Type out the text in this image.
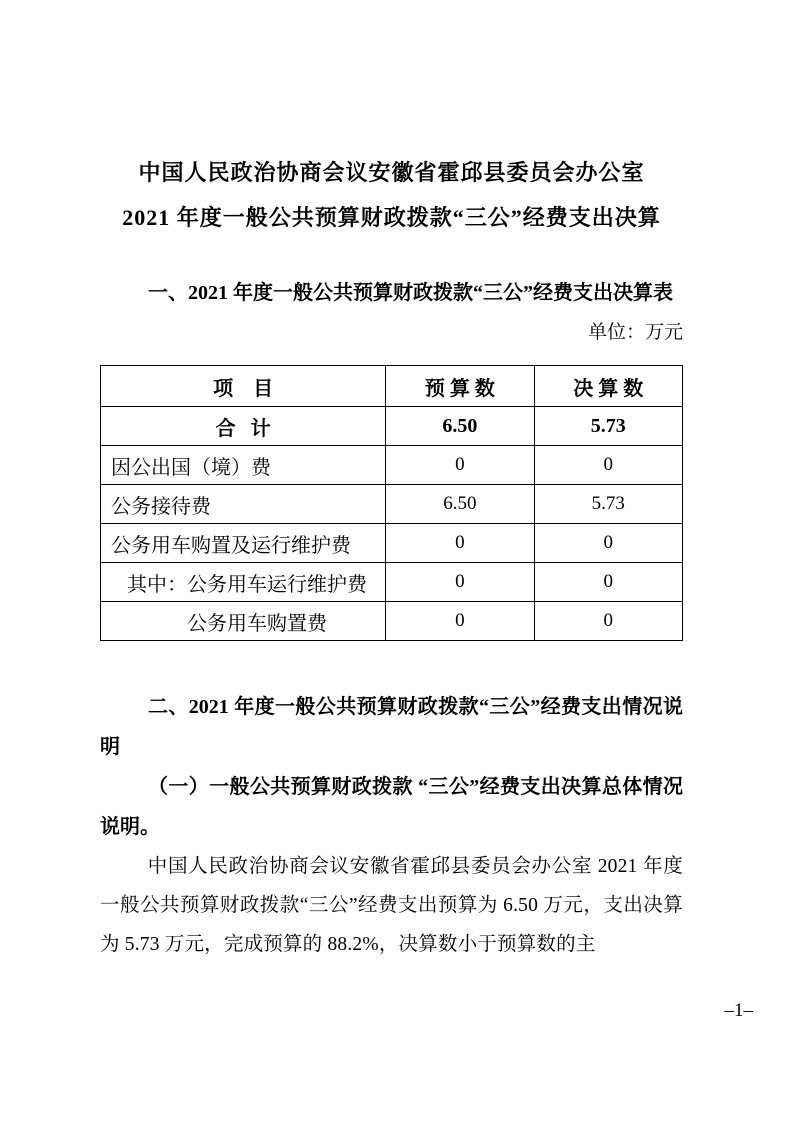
中国人民政治协商会议安徽省霍邱县委员会办公室
2021 年度一般公共预算财政拨款“三公”经费支出决算

一、2021 年度一般公共预算财政拨款“三公”经费支出决算表

单位：万元

项    目	预 算 数	决 算 数
合   计	6.50	5.73
因公出国（境）费	0	0
公务接待费	6.50	5.73
公务用车购置及运行维护费	0	0
其中：公务用车运行维护费	0	0
公务用车购置费	0	0

二、2021 年度一般公共预算财政拨款“三公”经费支出情况说明

（一）一般公共预算财政拨款 “三公”经费支出决算总体情况说明。

中国人民政治协商会议安徽省霍邱县委员会办公室 2021 年度一般公共预算财政拨款“三公”经费支出预算为 6.50 万元，支出决算为 5.73 万元，完成预算的 88.2%，决算数小于预算数的主

–1–
